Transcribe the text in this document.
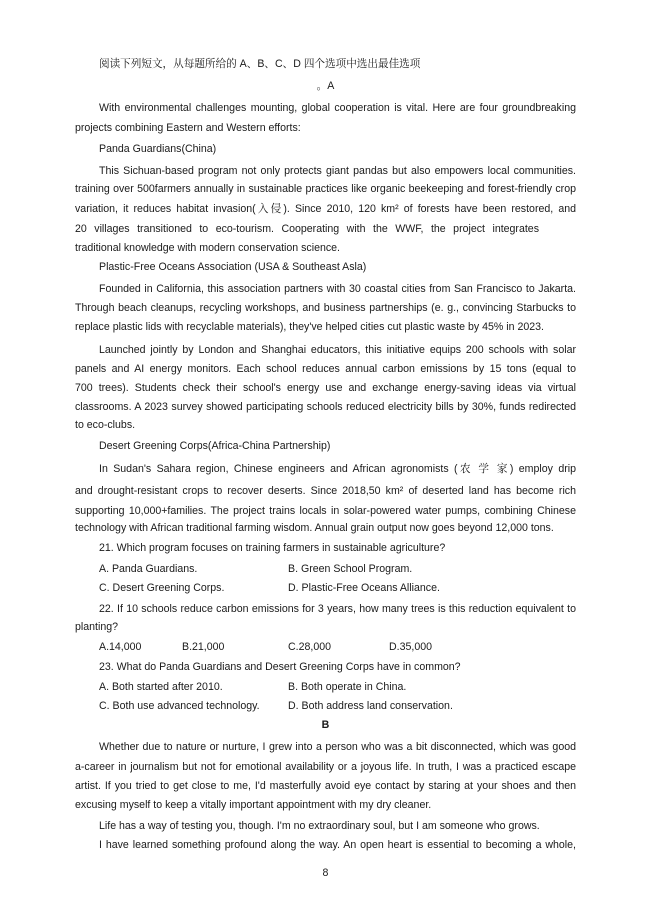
阅读下列短文，从每题所给的 A、B、C、D 四个选项中选出最佳选项
。A
With environmental challenges mounting, global cooperation is vital. Here are four groundbreaking
projects combining Eastern and Western efforts:
Panda Guardians(China)
This Sichuan-based program not only protects giant pandas but also empowers local communities.
training over 500farmers annually in sustainable practices like organic beekeeping and forest-friendly crop
variation, it reduces habitat invasion(入侵). Since 2010, 120 km² of forests have been restored, and
20 villages transitioned to eco-tourism. Cooperating with the WWF, the project integrates
traditional knowledge with modern conservation science.
Plastic-Free Oceans Association (USA & Southeast Asla)
Founded in California, this association partners with 30 coastal cities from San Francisco to Jakarta.
Through beach cleanups, recycling workshops, and business partnerships (e. g., convincing Starbucks to
replace plastic lids with recyclable materials), they've helped cities cut plastic waste by 45% in 2023.
Launched jointly by London and Shanghai educators, this initiative equips 200 schools with solar
panels and AI energy monitors. Each school reduces annual carbon emissions by 15 tons (equal to
700 trees). Students check their school's energy use and exchange energy-saving ideas via virtual
classrooms. A 2023 survey showed participating schools reduced electricity bills by 30%, funds redirected
to eco-clubs.
Desert Greening Corps(Africa-China Partnership)
In Sudan's Sahara region, Chinese engineers and African agronomists (农 学 家) employ drip
and drought-resistant crops to recover deserts. Since 2018,50 km² of deserted land has become rich
supporting 10,000+families. The project trains locals in solar-powered water pumps, combining Chinese
technology with African traditional farming wisdom. Annual grain output now goes beyond 12,000 tons.
21. Which program focuses on training farmers in sustainable agriculture?
A. Panda Guardians.	B. Green School Program.
C. Desert Greening Corps.	D. Plastic-Free Oceans Alliance.
22. If 10 schools reduce carbon emissions for 3 years, how many trees is this reduction equivalent to
planting?
A.14,000	B.21,000	C.28,000	D.35,000
23. What do Panda Guardians and Desert Greening Corps have in common?
A. Both started after 2010.	B. Both operate in China.
C. Both use advanced technology.	D. Both address land conservation.
B
Whether due to nature or nurture, I grew into a person who was a bit disconnected, which was good
a-career in journalism but not for emotional availability or a joyous life. In truth, I was a practiced escape
artist. If you tried to get close to me, I'd masterfully avoid eye contact by staring at your shoes and then
excusing myself to keep a vitally important appointment with my dry cleaner.
Life has a way of testing you, though. I'm no extraordinary soul, but I am someone who grows.
I have learned something profound along the way. An open heart is essential to becoming a whole,
8
